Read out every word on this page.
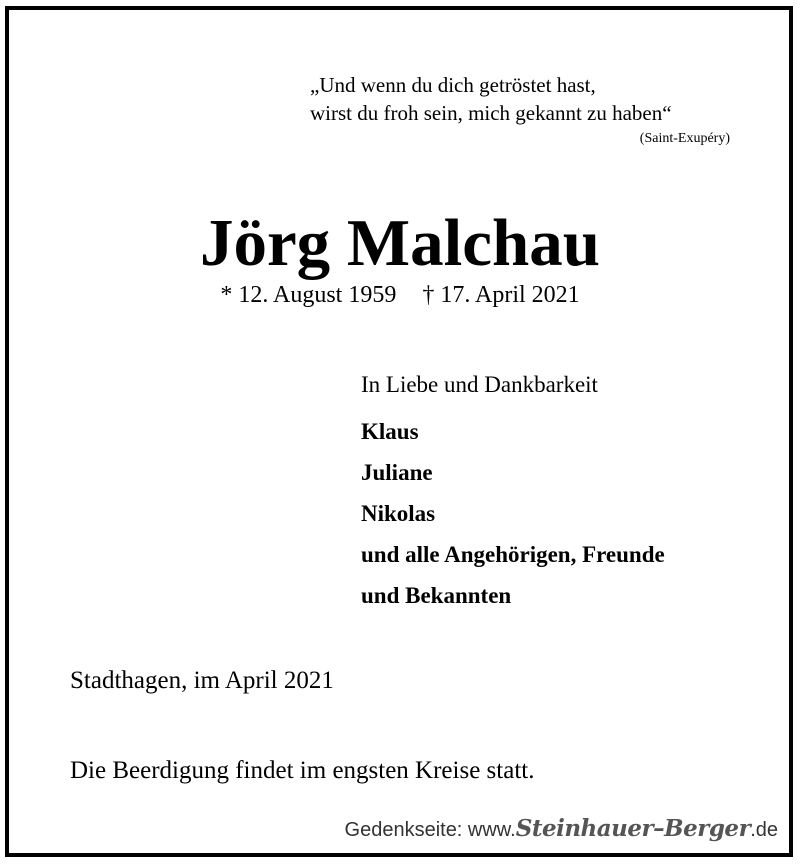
„Und wenn du dich getröstet hast,
wirst du froh sein, mich gekannt zu haben“
(Saint-Exupéry)
Jörg Malchau
* 12. August 1959 † 17. April 2021
In Liebe und Dankbarkeit
Klaus
Juliane
Nikolas
und alle Angehörigen, Freunde
und Bekannten
Stadthagen, im April 2021
Die Beerdigung findet im engsten Kreise statt.
Gedenkseite: www.Steinhauer–Berger.de
